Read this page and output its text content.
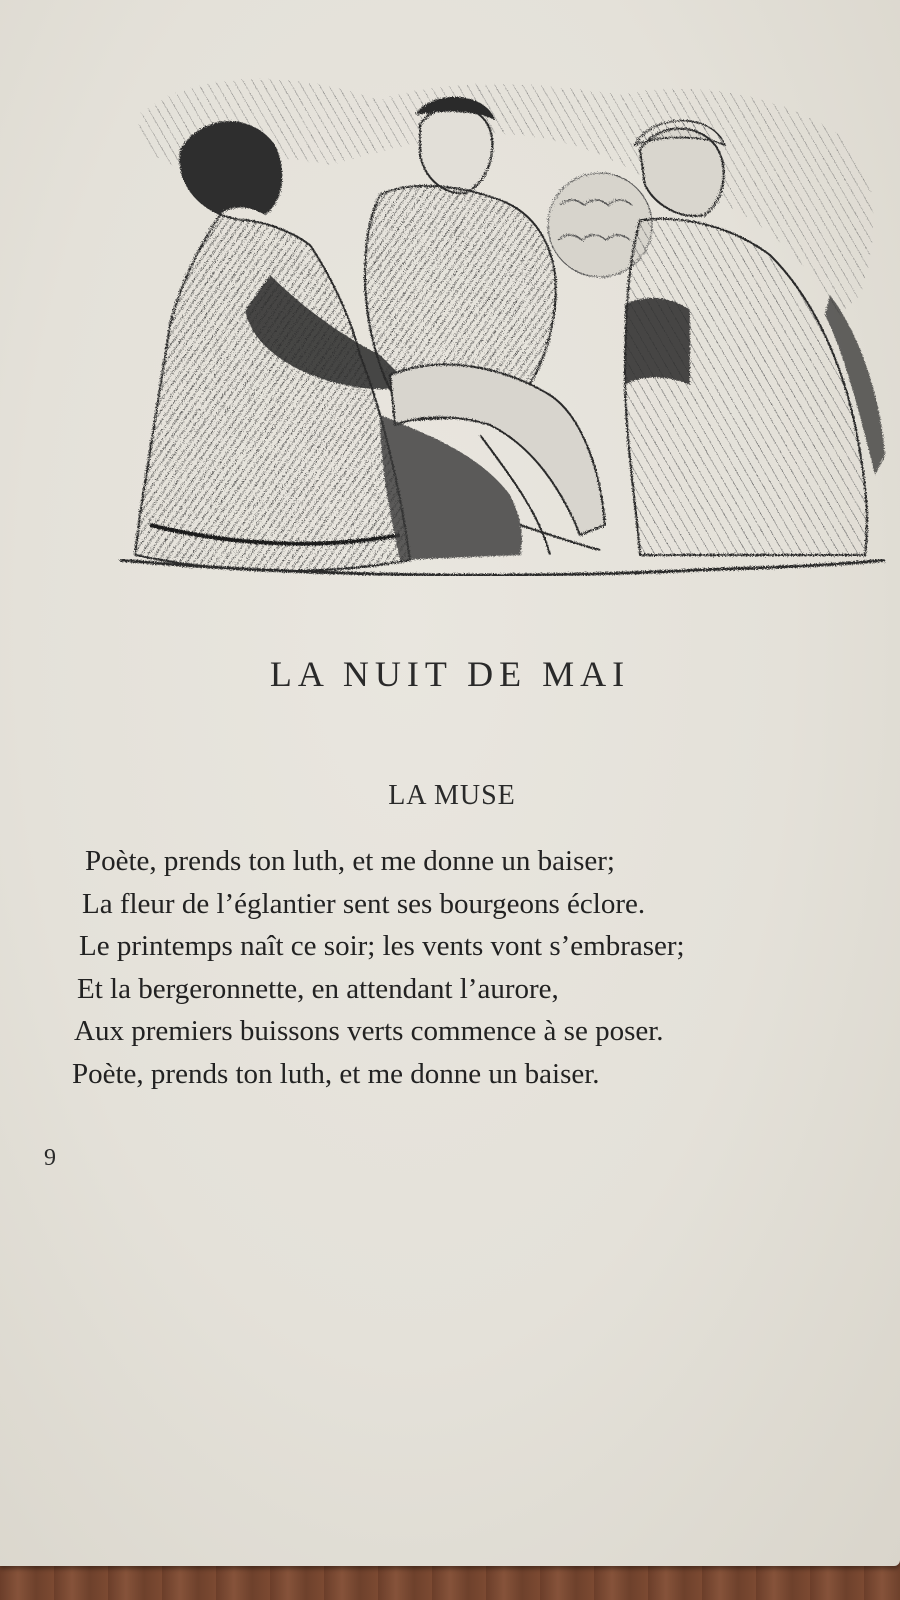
LA NUIT DE MAI
LA MUSE
Poète, prends ton luth, et me donne un baiser;
La fleur de l’églantier sent ses bourgeons éclore.
Le printemps naît ce soir; les vents vont s’embraser;
Et la bergeronnette, en attendant l’aurore,
Aux premiers buissons verts commence à se poser.
Poète, prends ton luth, et me donne un baiser.
9
